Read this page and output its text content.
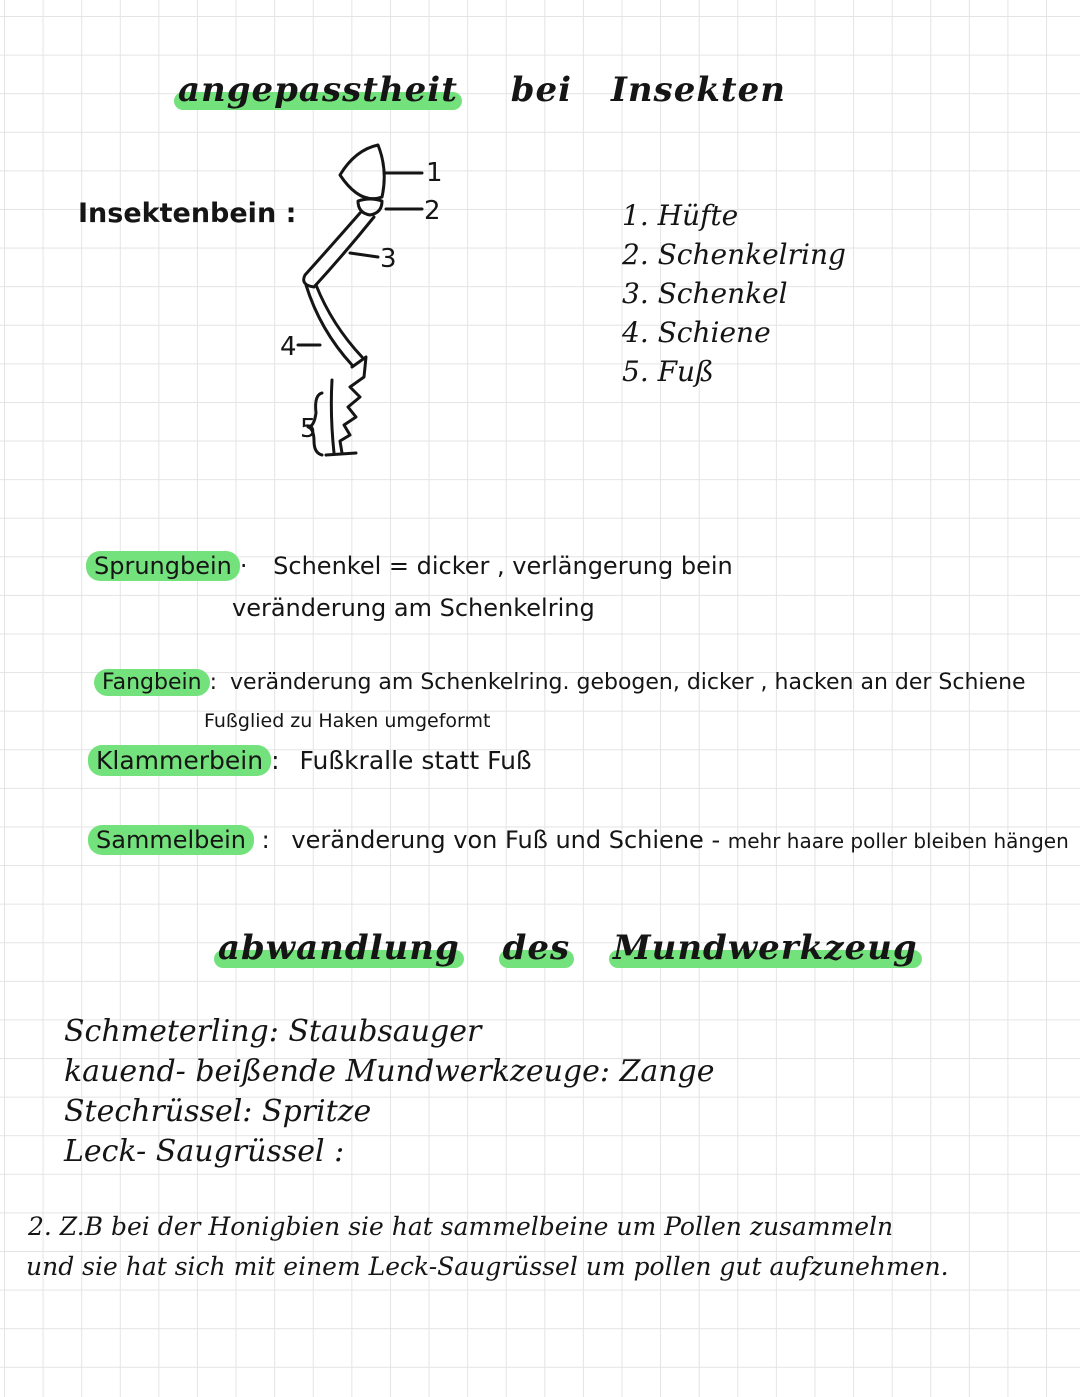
angepasstheit bei Insekten
Insektenbein :
1
2
3
4
5
1. Hüfte
2. Schenkelring
3. Schenkel
4. Schiene
5. Fuß
Sprungbein · Schenkel = dicker , verlängerung bein
veränderung am Schenkelring
Fangbein : veränderung am Schenkelring. gebogen, dicker , hacken an der Schiene
Fußglied zu Haken umgeformt
Klammerbein : Fußkralle statt Fuß
Sammelbein : veränderung von Fuß und Schiene - mehr haare poller bleiben hängen
abwandlung des Mundwerkzeug
Schmeterling: Staubsauger
kauend- beißende Mundwerkzeuge: Zange
Stechrüssel: Spritze
Leck- Saugrüssel :
2. Z.B bei der Honigbien sie hat sammelbeine um Pollen zusammeln
und sie hat sich mit einem Leck-Saugrüssel um pollen gut aufzunehmen.
